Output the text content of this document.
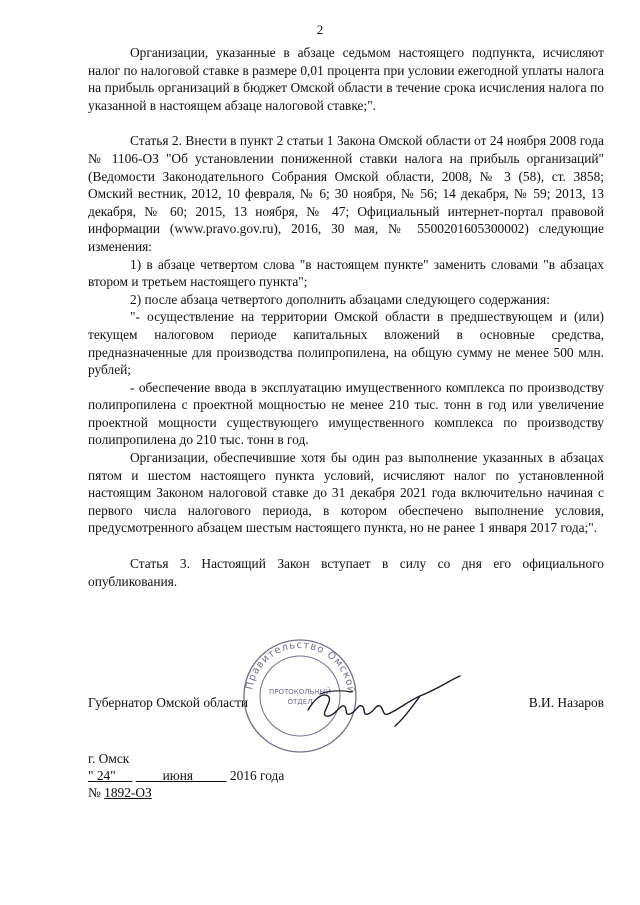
2

Организации, указанные в абзаце седьмом настоящего подпункта, исчисляют налог по налоговой ставке в размере 0,01 процента при условии ежегодной уплаты налога на прибыль организаций в бюджет Омской области в течение срока исчисления налога по указанной в настоящем абзаце налоговой ставке;".

Статья 2. Внести в пункт 2 статьи 1 Закона Омской области от 24 ноября 2008 года № 1106-ОЗ "Об установлении пониженной ставки налога на прибыль организаций" (Ведомости Законодательного Собрания Омской области, 2008, № 3 (58), ст. 3858; Омский вестник, 2012, 10 февраля, № 6; 30 ноября, № 56; 14 декабря, № 59; 2013, 13 декабря, № 60; 2015, 13 ноября, № 47; Официальный интернет-портал правовой информации (www.pravo.gov.ru), 2016, 30 мая, № 5500201605300002) следующие изменения:

1) в абзаце четвертом слова "в настоящем пункте" заменить словами "в абзацах втором и третьем настоящего пункта";

2) после абзаца четвертого дополнить абзацами следующего содержания:

"- осуществление на территории Омской области в предшествующем и (или) текущем налоговом периоде капитальных вложений в основные средства, предназначенные для производства полипропилена, на общую сумму не менее 500 млн. рублей;

- обеспечение ввода в эксплуатацию имущественного комплекса по производству полипропилена с проектной мощностью не менее 210 тыс. тонн в год или увеличение проектной мощности существующего имущественного комплекса по производству полипропилена до 210 тыс. тонн в год.

Организации, обеспечившие хотя бы один раз выполнение указанных в абзацах пятом и шестом настоящего пункта условий, исчисляют налог по установленной настоящим Законом налоговой ставке до 31 декабря 2021 года включительно начиная с первого числа налогового периода, в котором обеспечено выполнение условия, предусмотренного абзацем шестым настоящего пункта, но не ранее 1 января 2017 года;".

Статья 3. Настоящий Закон вступает в силу со дня его официального опубликования.

Правительство Омской
ПРОТОКОЛЬНЫЙ
ОТДЕЛ
Губернатор Омской области	В.И. Назаров
г. Омск
" 24"	июня	2016 года
№ 1892-ОЗ
